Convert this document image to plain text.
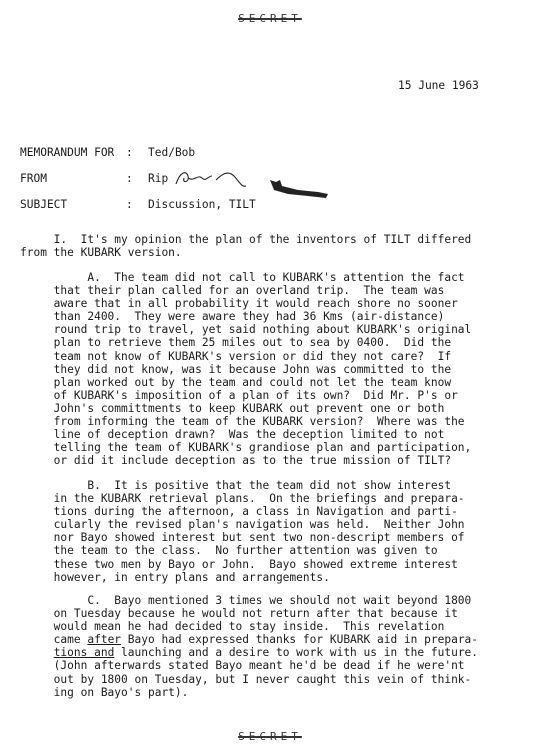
SECRET
15 June 1963
MEMORANDUM FOR : Ted/Bob
FROM	: Rip
SUBJECT	: Discussion, TILT
I.  It's my opinion the plan of the inventors of TILT differed
from the KUBARK version.
A.  The team did not call to KUBARK's attention the fact
that their plan called for an overland trip.  The team was
aware that in all probability it would reach shore no sooner
than 2400.  They were aware they had 36 Kms (air-distance)
round trip to travel, yet said nothing about KUBARK's original
plan to retrieve them 25 miles out to sea by 0400.  Did the
team not know of KUBARK's version or did they not care?  If
they did not know, was it because John was committed to the
plan worked out by the team and could not let the team know
of KUBARK's imposition of a plan of its own?  Did Mr. P's or
John's committments to keep KUBARK out prevent one or both
from informing the team of the KUBARK version?  Where was the
line of deception drawn?  Was the deception limited to not
telling the team of KUBARK's grandiose plan and participation,
or did it include deception as to the true mission of TILT?
B.  It is positive that the team did not show interest
in the KUBARK retrieval plans.  On the briefings and prepara-
tions during the afternoon, a class in Navigation and parti-
cularly the revised plan's navigation was held.  Neither John
nor Bayo showed interest but sent two non-descript members of
the team to the class.  No further attention was given to
these two men by Bayo or John.  Bayo showed extreme interest
however, in entry plans and arrangements.
C.  Bayo mentioned 3 times we should not wait beyond 1800
on Tuesday because he would not return after that because it
would mean he had decided to stay inside.  This revelation
came after Bayo had expressed thanks for KUBARK aid in prepara-
tions and launching and a desire to work with us in the future.
(John afterwards stated Bayo meant he'd be dead if he were'nt
out by 1800 on Tuesday, but I never caught this vein of think-
ing on Bayo's part).
SECRET
